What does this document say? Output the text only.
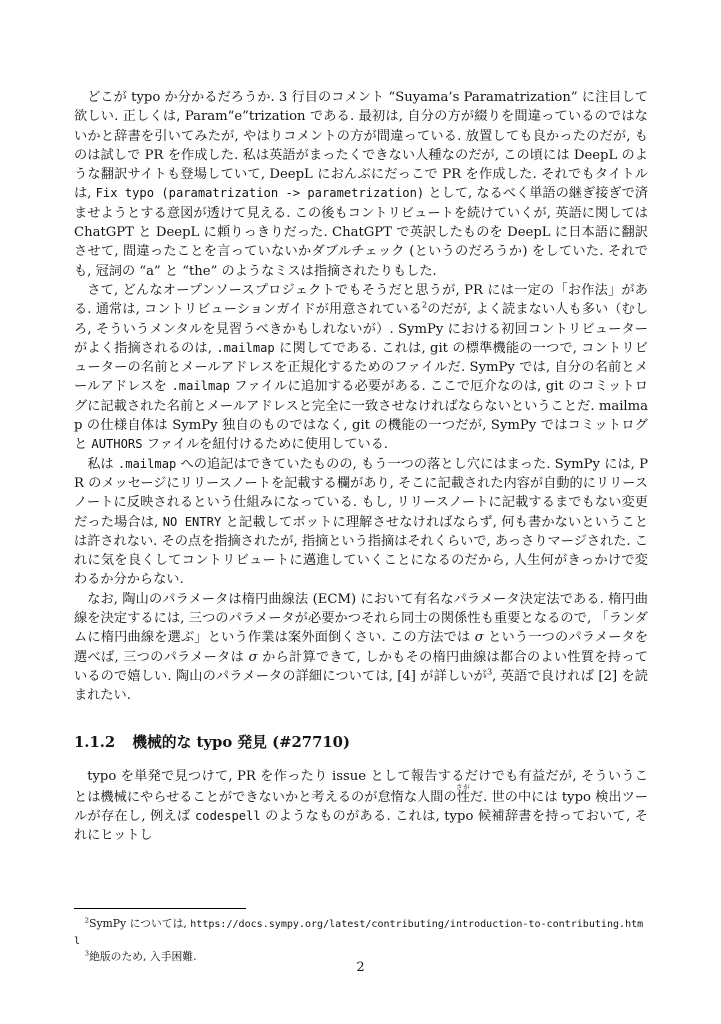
どこが typo か分かるだろうか. 3 行目のコメント “Suyama’s Paramatrization” に注目して欲しい. 正しくは, Param“e”trization である. 最初は, 自分の方が綴りを間違っているのではないかと辞書を引いてみたが, やはりコメントの方が間違っている. 放置しても良かったのだが, ものは試しで PR を作成した. 私は英語がまったくできない人種なのだが, この頃には DeepL のような翻訳サイトも登場していて, DeepL におんぶにだっこで PR を作成した. それでもタイトルは, Fix typo (paramatrization -> parametrization) として, なるべく単語の継ぎ接ぎで済ませようとする意図が透けて見える. この後もコントリビュートを続けていくが, 英語に関しては ChatGPT と DeepL に頼りっきりだった. ChatGPT で英訳したものを DeepL に日本語に翻訳させて, 間違ったことを言っていないかダブルチェック (というのだろうか) をしていた. それでも, 冠詞の “a” と “the” のようなミスは指摘されたりもした.

さて, どんなオープンソースプロジェクトでもそうだと思うが, PR には一定の「お作法」がある. 通常は, コントリビューションガイドが用意されている$^2$のだが, よく読まない人も多い（むしろ, そういうメンタルを見習うべきかもしれないが）. SymPy における初回コントリビューターがよく指摘されるのは, .mailmap に関してである. これは, git の標準機能の一つで, コントリビューターの名前とメールアドレスを正規化するためのファイルだ. SymPy では, 自分の名前とメールアドレスを .mailmap ファイルに追加する必要がある. ここで厄介なのは, git のコミットログに記載された名前とメールアドレスと完全に一致させなければならないということだ. mailmap の仕様自体は SymPy 独自のものではなく, git の機能の一つだが, SymPy ではコミットログと AUTHORS ファイルを紐付けるために使用している.

私は .mailmap への追記はできていたものの, もう一つの落とし穴にはまった. SymPy には, PR のメッセージにリリースノートを記載する欄があり, そこに記載された内容が自動的にリリースノートに反映されるという仕組みになっている. もし, リリースノートに記載するまでもない変更だった場合は, NO ENTRY と記載してボットに理解させなければならず, 何も書かないということは許されない. その点を指摘されたが, 指摘という指摘はそれくらいで, あっさりマージされた. これに気を良くしてコントリビュートに邁進していくことになるのだから, 人生何がきっかけで変わるか分からない.

なお, 陶山のパラメータは楕円曲線法 (ECM) において有名なパラメータ決定法である. 楕円曲線を決定するには, 三つのパラメータが必要かつそれら同士の関係性も重要となるので, 「ランダムに楕円曲線を選ぶ」という作業は案外面倒くさい. この方法では σ という一つのパラメータを選べば, 三つのパラメータは σ から計算できて, しかもその楕円曲線は都合のよい性質を持っているので嬉しい. 陶山のパラメータの詳細については, [4] が詳しいが$^3$, 英語で良ければ [2] を読まれたい.

1.1.2 機械的な typo 発見 (#27710)

typo を単発で見つけて, PR を作ったり issue として報告するだけでも有益だが, そういうことは機械にやらせることができないかと考えるのが怠惰な人間の性さがだ. 世の中には typo 検出ツールが存在し, 例えば codespell のようなものがある. これは, typo 候補辞書を持っておいて, それにヒットし

$^2$SymPy については, https://docs.sympy.org/latest/contributing/introduction-to-contributing.html

$^3$絶版のため, 入手困難.

2
